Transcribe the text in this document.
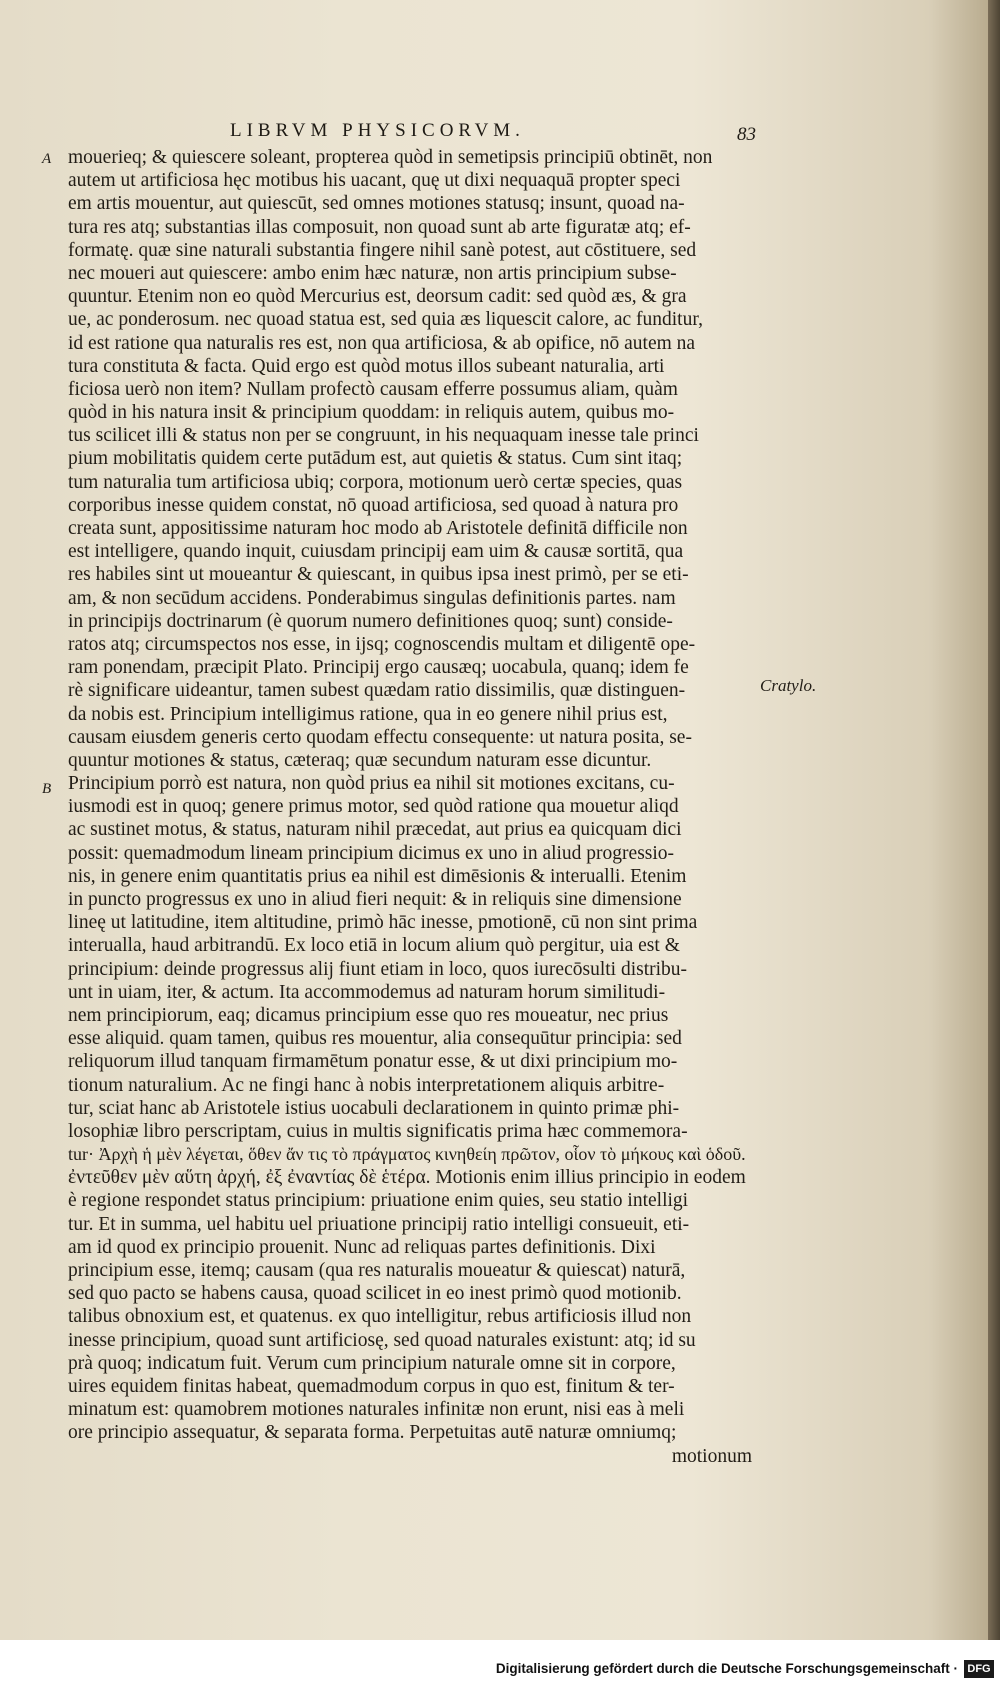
LIBRVM PHYSICORVM.	83
A
B
mouerieq; & quiescere soleant, propterea quòd in semetipsis principiū obtinēt, non
autem ut artificiosa hęc motibus his uacant, quę ut dixi nequaquā propter speci
em artis mouentur, aut quiescūt, sed omnes motiones statusq; insunt, quoad na-
tura res atq; substantias illas composuit, non quoad sunt ab arte figuratæ atq; ef-
formatę. quæ sine naturali substantia fingere nihil sanè potest, aut cōstituere, sed
nec moueri aut quiescere: ambo enim hæc naturæ, non artis principium subse-
quuntur. Etenim non eo quòd Mercurius est, deorsum cadit: sed quòd æs, & gra
ue, ac ponderosum. nec quoad statua est, sed quia æs liquescit calore, ac funditur,
id est ratione qua naturalis res est, non qua artificiosa, & ab opifice, nō autem na
tura constituta & facta. Quid ergo est quòd motus illos subeant naturalia, arti
ficiosa uerò non item? Nullam profectò causam efferre possumus aliam, quàm
quòd in his natura insit & principium quoddam: in reliquis autem, quibus mo-
tus scilicet illi & status non per se congruunt, in his nequaquam inesse tale princi
pium mobilitatis quidem certe putādum est, aut quietis & status. Cum sint itaq;
tum naturalia tum artificiosa ubiq; corpora, motionum uerò certæ species, quas
corporibus inesse quidem constat, nō quoad artificiosa, sed quoad à natura pro
creata sunt, appositissime naturam hoc modo ab Aristotele definitā difficile non
est intelligere, quando inquit, cuiusdam principij eam uim & causæ sortitā, qua
res habiles sint ut moueantur & quiescant, in quibus ipsa inest primò, per se eti-
am, & non secūdum accidens. Ponderabimus singulas definitionis partes. nam
in principijs doctrinarum (è quorum numero definitiones quoq; sunt) conside-
ratos atq; circumspectos nos esse, in ijsq; cognoscendis multam et diligentē ope-
ram ponendam, præcipit Plato. Principij ergo causæq; uocabula, quanq; idem fe
rè significare uideantur, tamen subest quædam ratio dissimilis, quæ distinguen-
da nobis est. Principium intelligimus ratione, qua in eo genere nihil prius est,
causam eiusdem generis certo quodam effectu consequente: ut natura posita, se-
quuntur motiones & status, cæteraq; quæ secundum naturam esse dicuntur.
Principium porrò est natura, non quòd prius ea nihil sit motiones excitans, cu-
iusmodi est in quoq; genere primus motor, sed quòd ratione qua mouetur aliqd
ac sustinet motus, & status, naturam nihil præcedat, aut prius ea quicquam dici
possit: quemadmodum lineam principium dicimus ex uno in aliud progressio-
nis, in genere enim quantitatis prius ea nihil est dimēsionis & interualli. Etenim
in puncto progressus ex uno in aliud fieri nequit: & in reliquis sine dimensione
lineę ut latitudine, item altitudine, primò hāc inesse, pmotionē, cū non sint prima
interualla, haud arbitrandū. Ex loco etiā in locum alium quò pergitur, uia est &
principium: deinde progressus alij fiunt etiam in loco, quos iurecōsulti distribu-
unt in uiam, iter, & actum. Ita accommodemus ad naturam horum similitudi-
nem principiorum, eaq; dicamus principium esse quo res moueatur, nec prius
esse aliquid. quam tamen, quibus res mouentur, alia consequūtur principia: sed
reliquorum illud tanquam firmamētum ponatur esse, & ut dixi principium mo-
tionum naturalium. Ac ne fingi hanc à nobis interpretationem aliquis arbitre-
tur, sciat hanc ab Aristotele istius uocabuli declarationem in quinto primæ phi-
losophiæ libro perscriptam, cuius in multis significatis prima hæc commemora-
tur· Ἀρχὴ ἡ μὲν λέγεται, ὅθεν ἄν τις τὸ πράγματος κινηθείη πρῶτον, οἷον τὸ μήκους καὶ ὁδοῦ.
ἐντεῦθεν μὲν αὕτη ἀρχή, ἐξ ἐναντίας δὲ ἑτέρα. Motionis enim illius principio in eodem
è regione respondet status principium: priuatione enim quies, seu statio intelligi
tur. Et in summa, uel habitu uel priuatione principij ratio intelligi consueuit, eti-
am id quod ex principio prouenit. Nunc ad reliquas partes definitionis. Dixi
principium esse, itemq; causam (qua res naturalis moueatur & quiescat) naturā,
sed quo pacto se habens causa, quoad scilicet in eo inest primò quod motionib.
talibus obnoxium est, et quatenus. ex quo intelligitur, rebus artificiosis illud non
inesse principium, quoad sunt artificiosę, sed quoad naturales existunt: atq; id su
prà quoq; indicatum fuit. Verum cum principium naturale omne sit in corpore,
uires equidem finitas habeat, quemadmodum corpus in quo est, finitum & ter-
minatum est: quamobrem motiones naturales infinitæ non erunt, nisi eas à meli
ore principio assequatur, & separata forma. Perpetuitas autē naturæ omniumq;
motionum
Cratylo.
Digitalisierung gefördert durch die Deutsche Forschungsgemeinschaft · DFG
